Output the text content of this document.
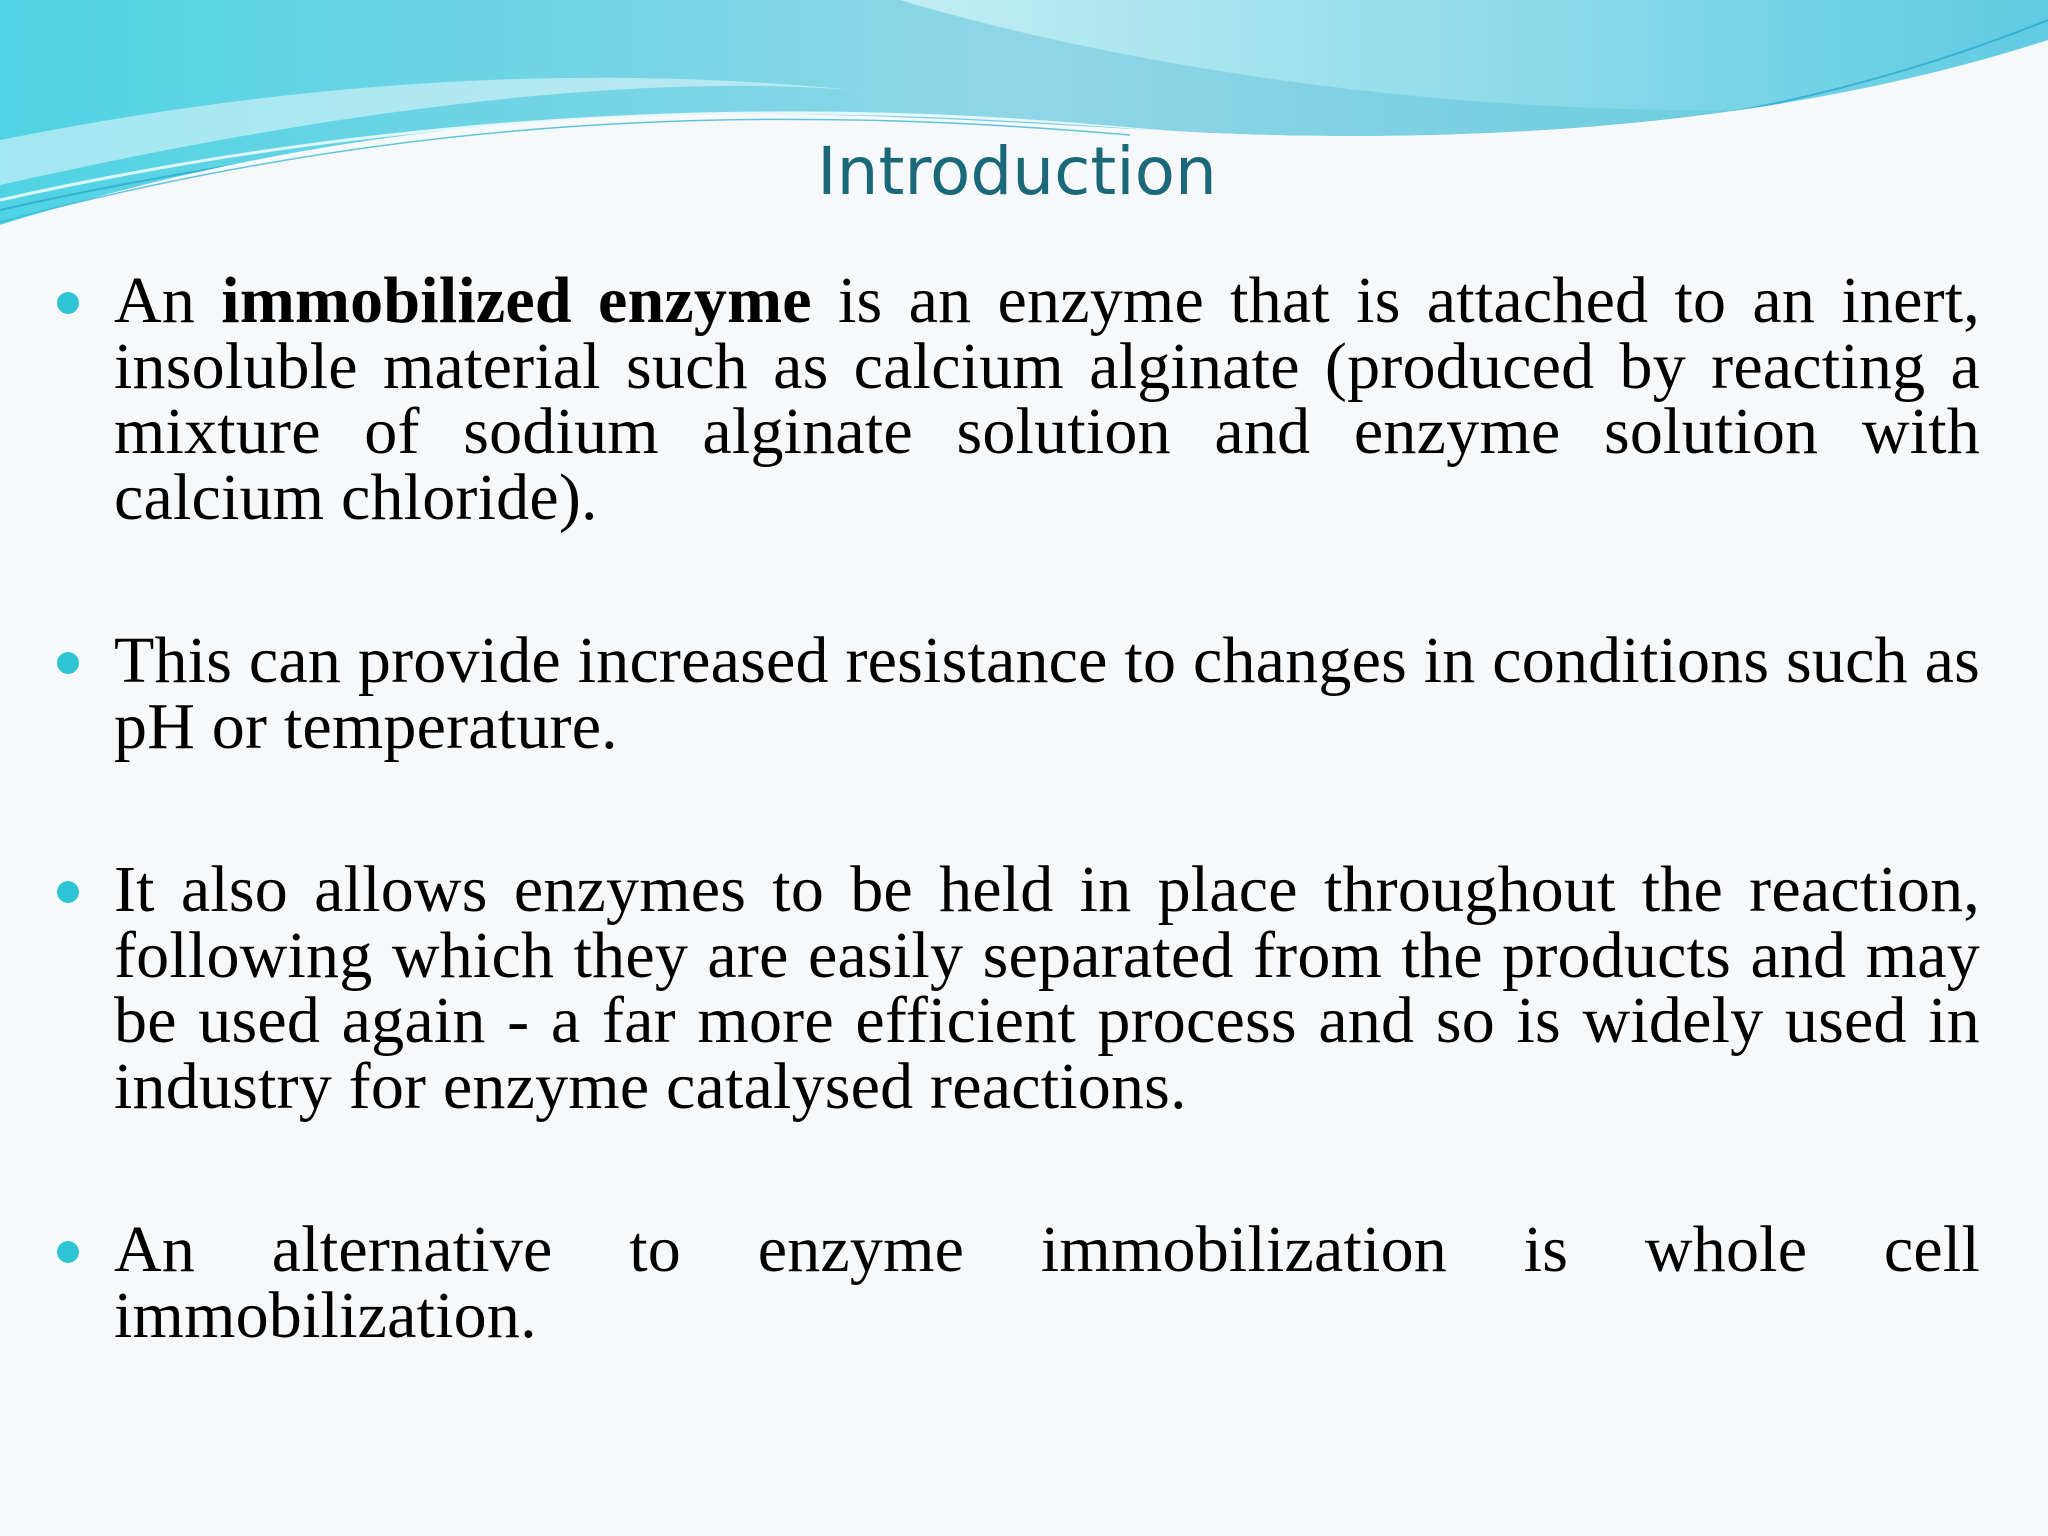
Introduction
An immobilized enzyme is an enzyme that is attached to an inert, insoluble material such as calcium alginate (produced by reacting a mixture of sodium alginate solution and enzyme solution with calcium chloride).
This can provide increased resistance to changes in conditions such as pH or temperature.
It also allows enzymes to be held in place throughout the reaction, following which they are easily separated from the products and may be used again - a far more efficient process and so is widely used in industry for enzyme catalysed reactions.
An alternative to enzyme immobilization is whole cell immobilization.
